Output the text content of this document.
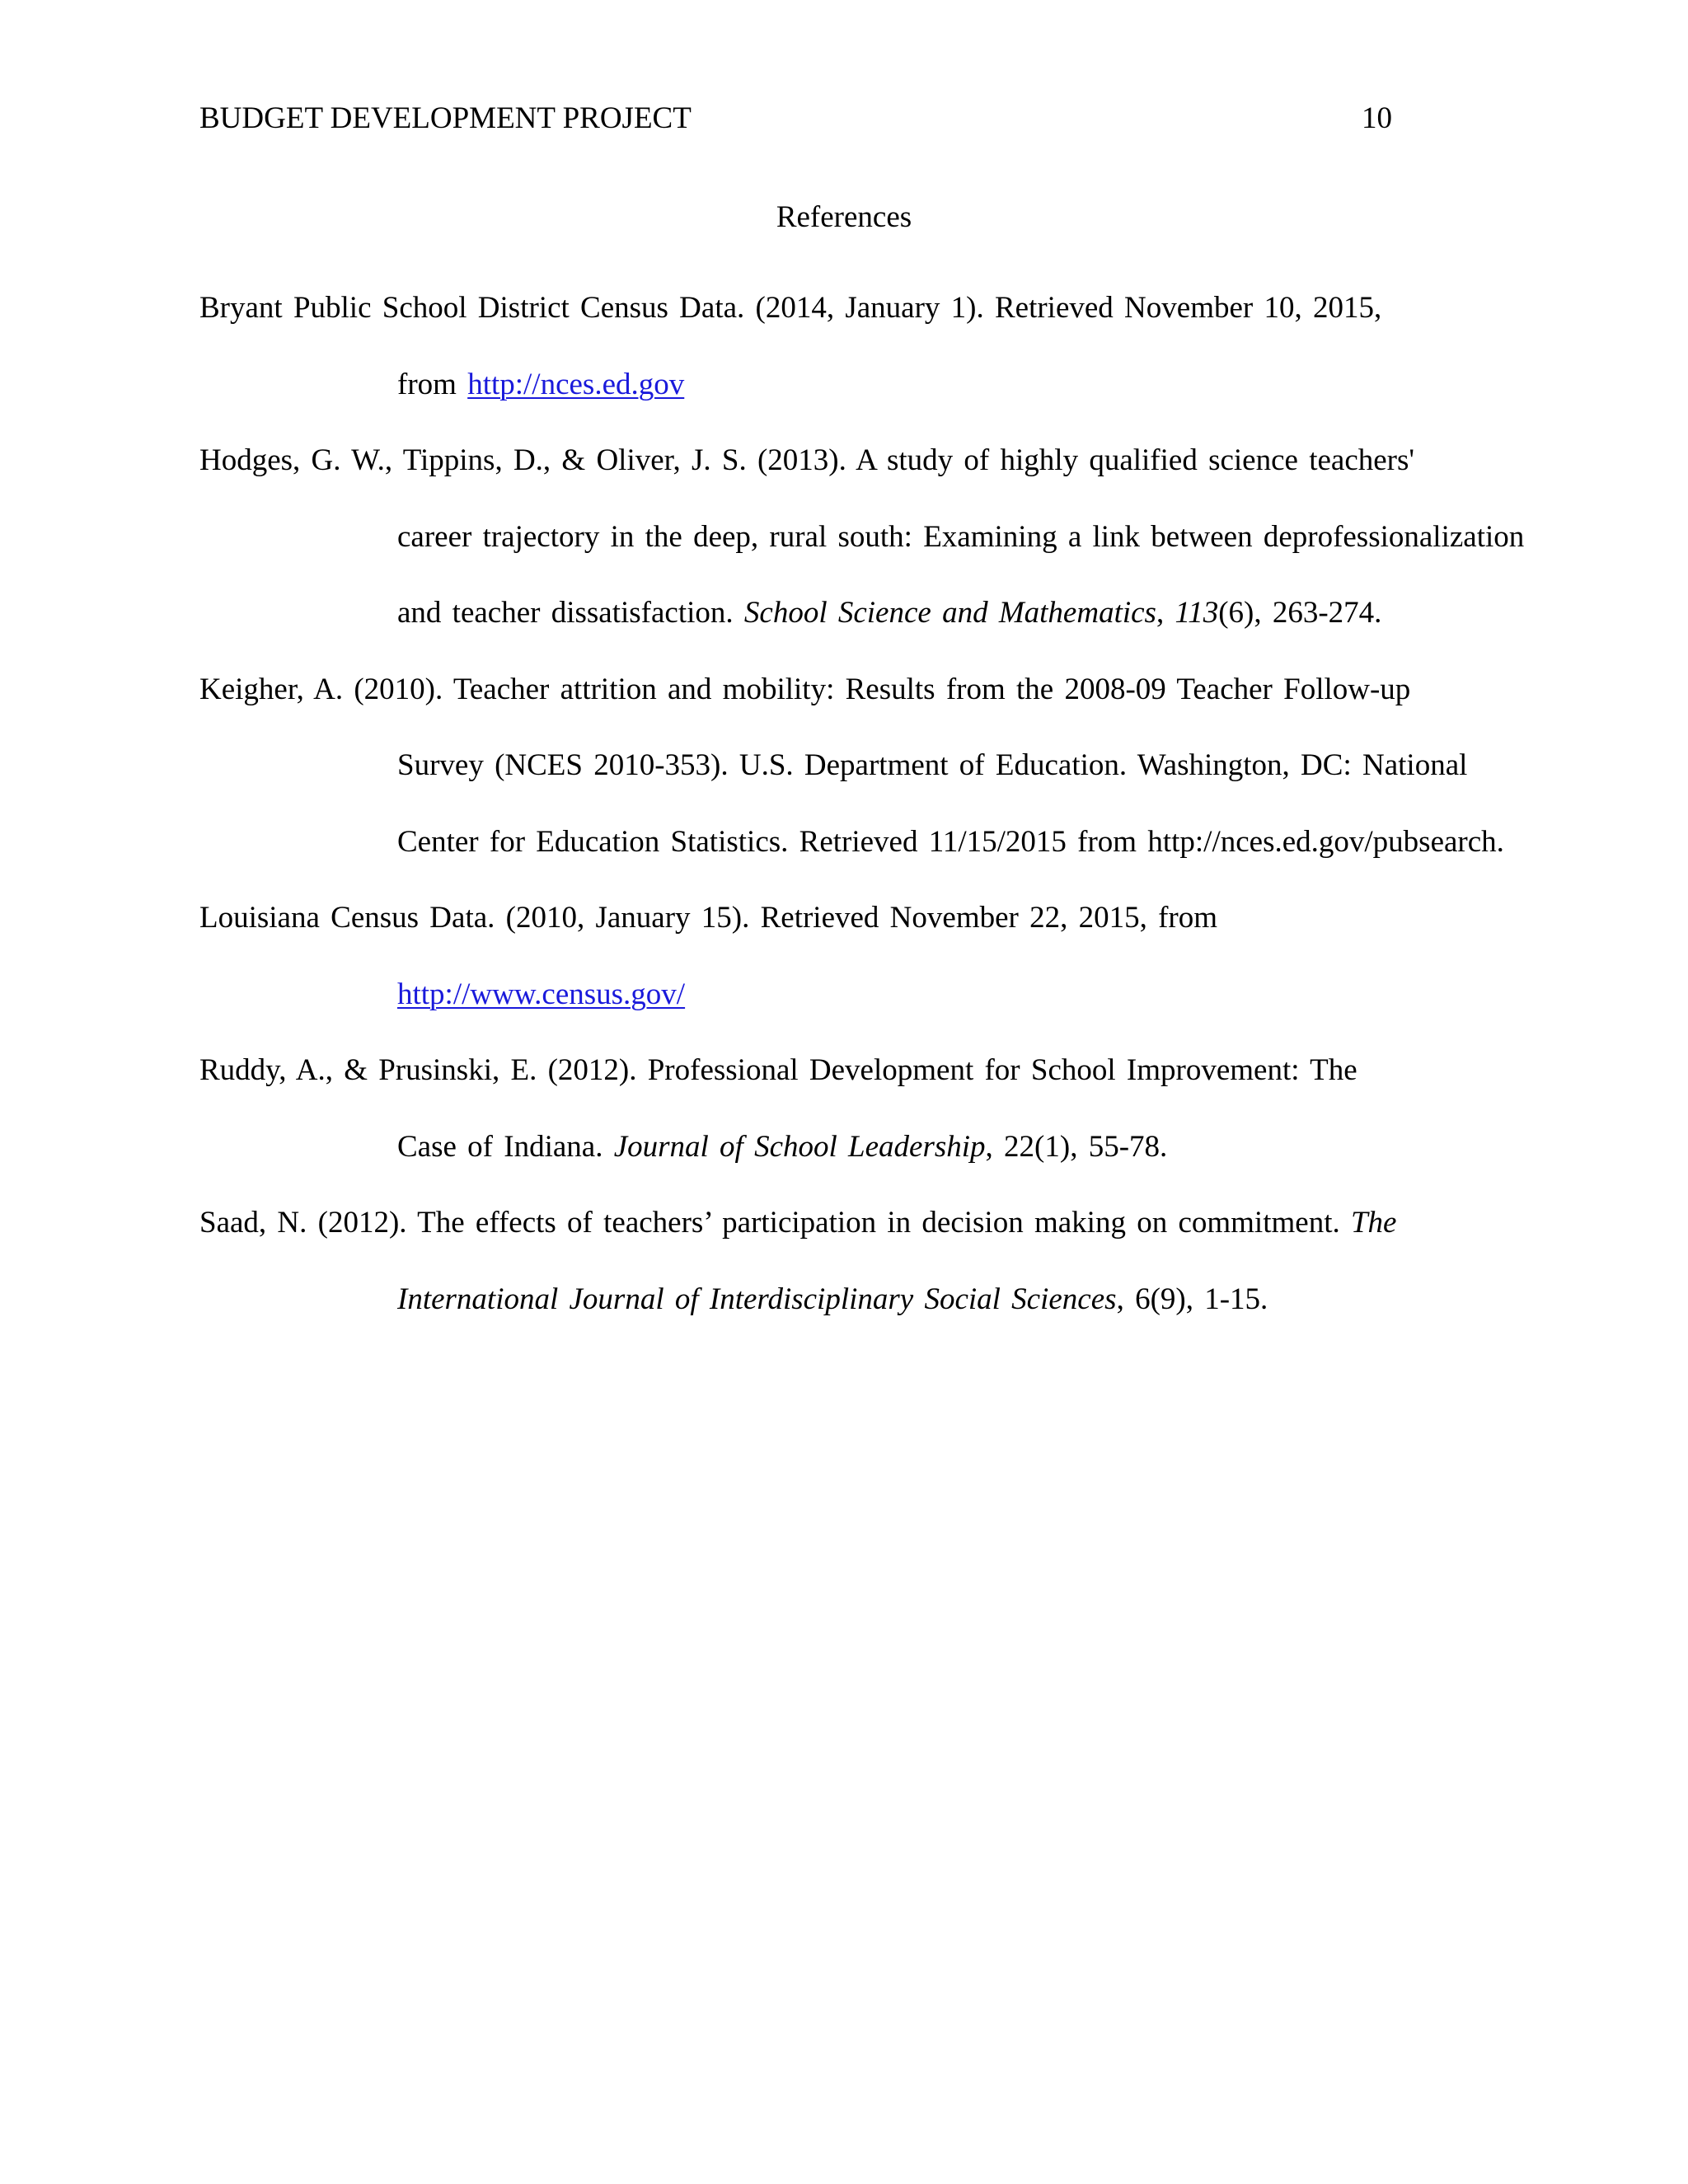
BUDGET DEVELOPMENT PROJECT	10
References
Bryant Public School District Census Data. (2014, January 1). Retrieved November 10, 2015,
from http://nces.ed.gov
Hodges, G. W., Tippins, D., & Oliver, J. S. (2013). A study of highly qualified science teachers'
career trajectory in the deep, rural south: Examining a link between deprofessionalization
and teacher dissatisfaction. School Science and Mathematics, 113(6), 263-274.
Keigher, A. (2010). Teacher attrition and mobility: Results from the 2008-09 Teacher Follow-up
Survey (NCES 2010-353). U.S. Department of Education. Washington, DC: National
Center for Education Statistics. Retrieved 11/15/2015 from http://nces.ed.gov/pubsearch.
Louisiana Census Data. (2010, January 15). Retrieved November 22, 2015, from
http://www.census.gov/
Ruddy, A., & Prusinski, E. (2012). Professional Development for School Improvement: The
Case of Indiana. Journal of School Leadership, 22(1), 55-78.
Saad, N. (2012). The effects of teachers’ participation in decision making on commitment. The
International Journal of Interdisciplinary Social Sciences, 6(9), 1-15.
